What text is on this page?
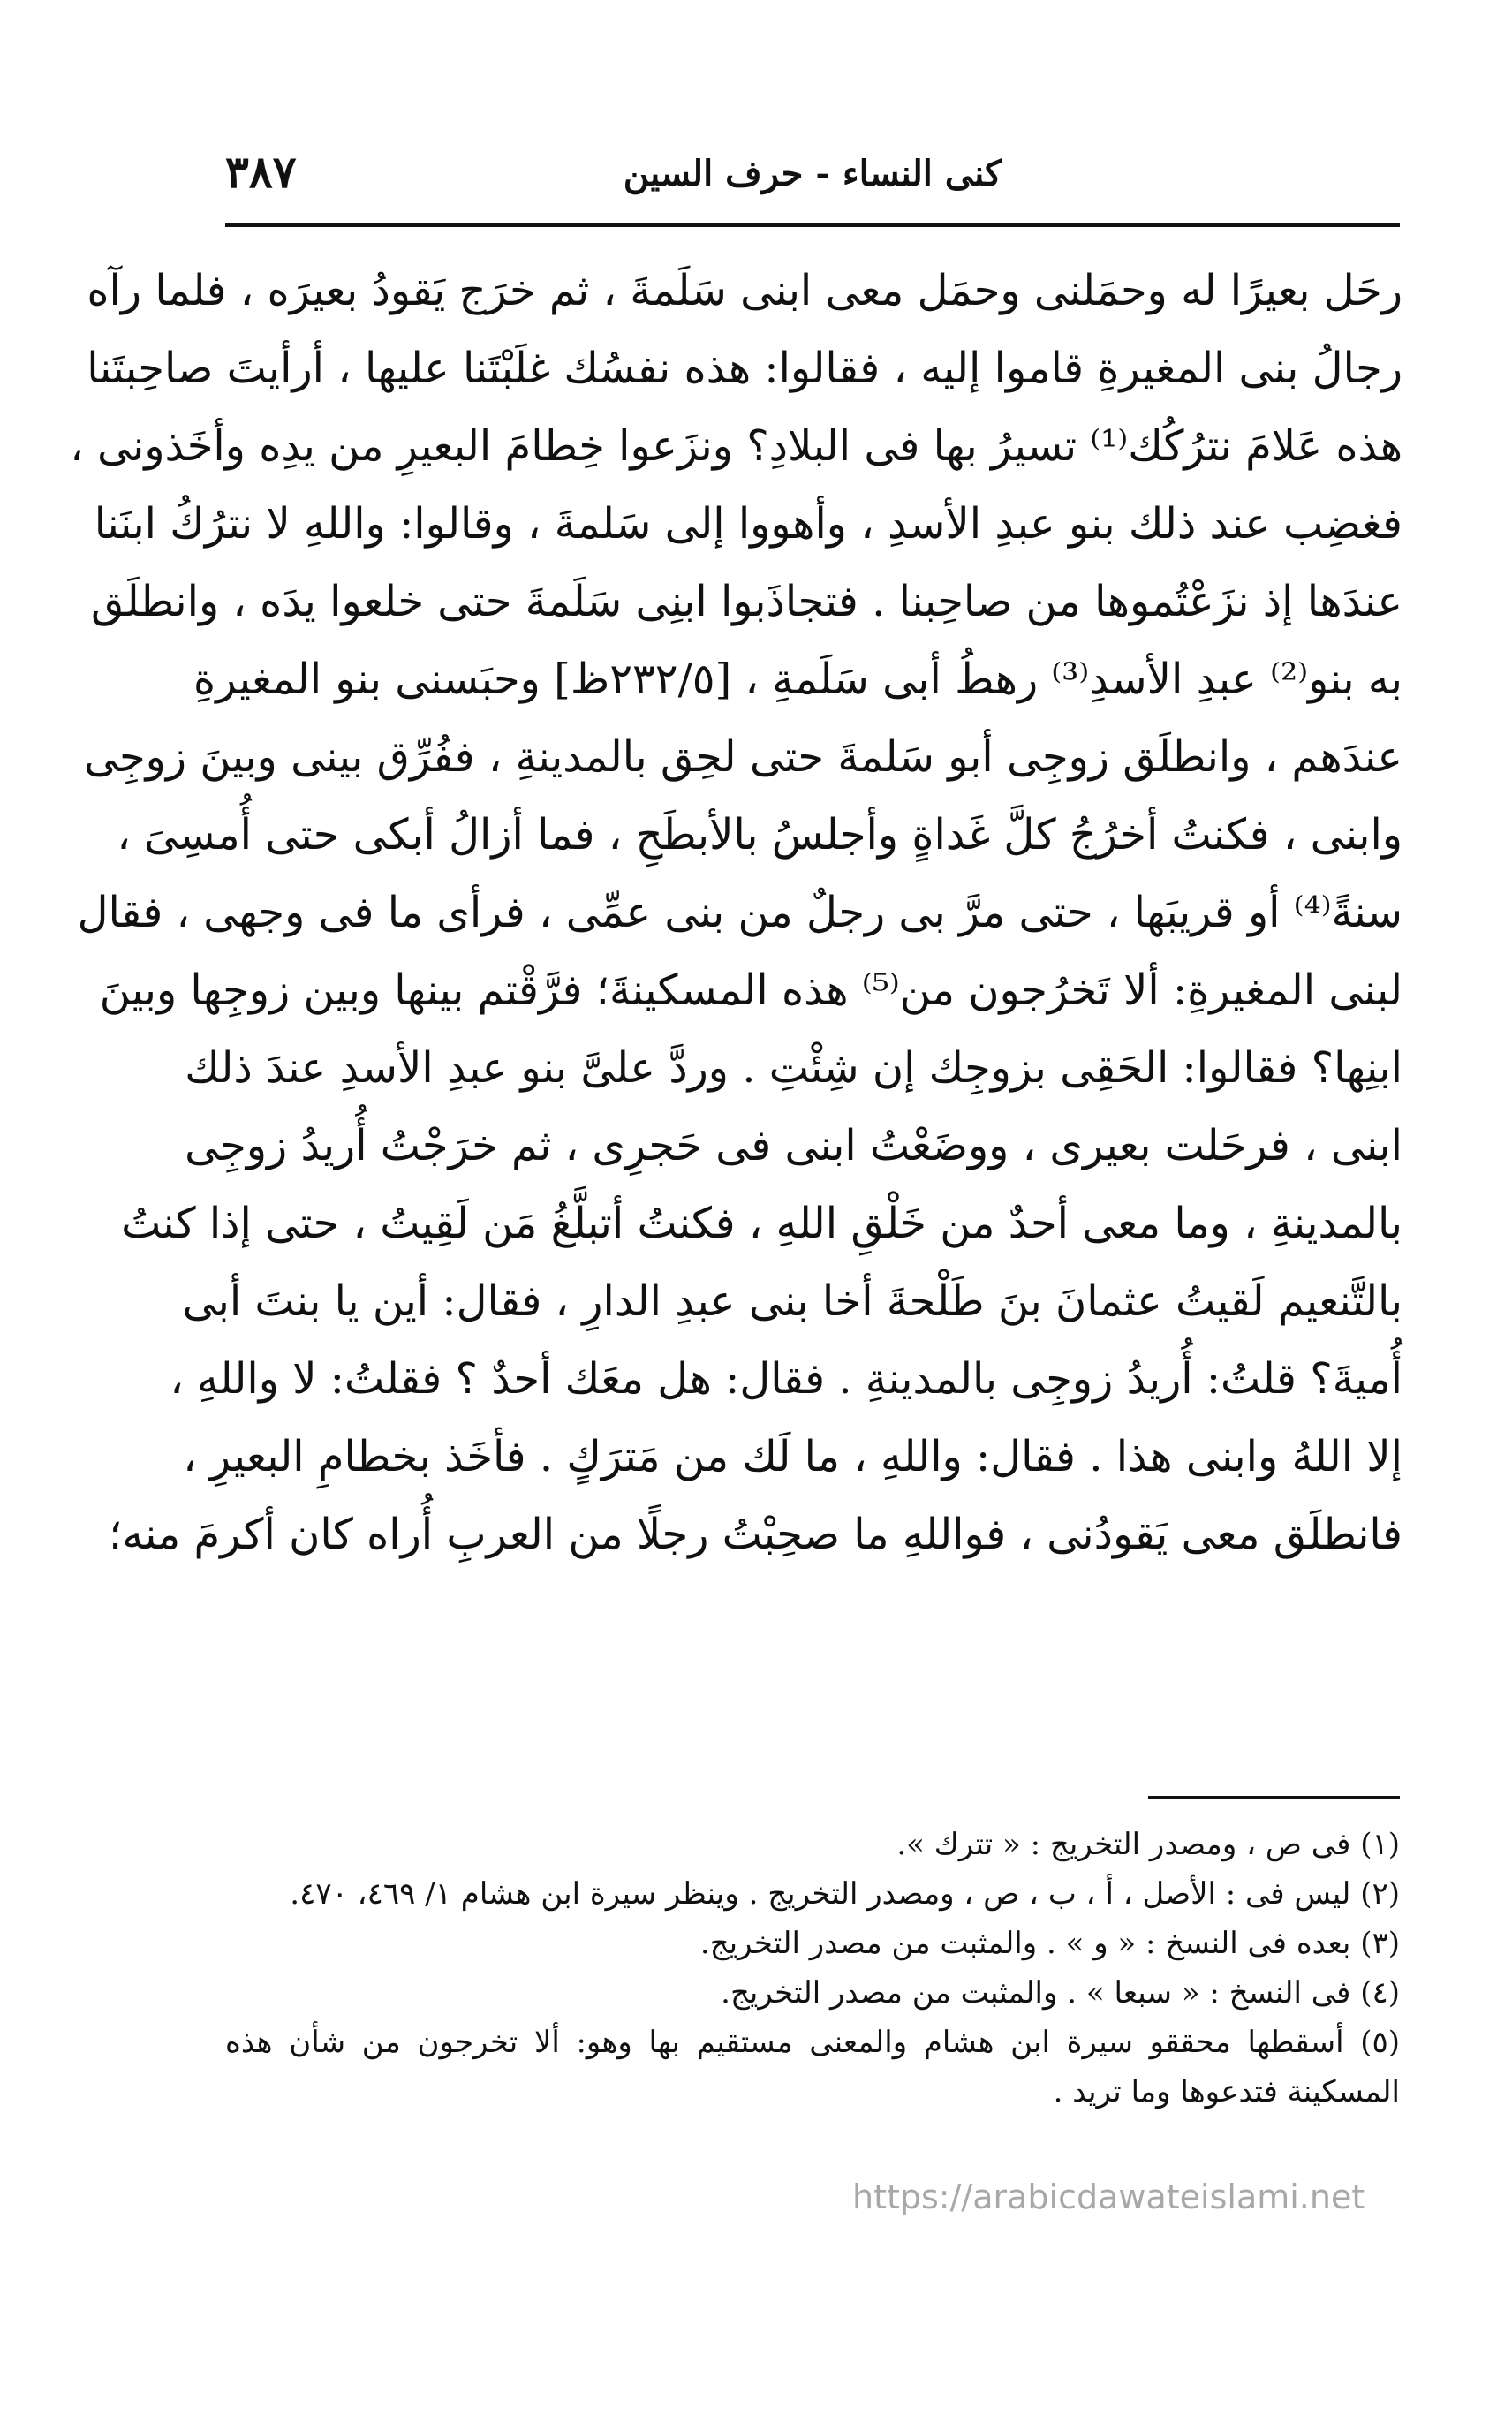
كنى النساء - حرف السين
٣٨٧
رحَل بعيرًا له وحمَلنى وحمَل معى ابنى سَلَمةَ ، ثم خرَج يَقودُ بعيرَه ، فلما رآه
رجالُ بنى المغيرةِ قاموا إليه ، فقالوا: هذه نفسُك غلَبْتَنا عليها ، أرأيتَ صاحِبتَنا
هذه عَلامَ نترُكُك⁽¹⁾ تسيرُ بها فى البلادِ؟ ونزَعوا خِطامَ البعيرِ من يدِه وأخَذونى ،
فغضِب عند ذلك بنو عبدِ الأسدِ ، وأهووا إلى سَلمةَ ، وقالوا: واللهِ لا نترُكُ ابنَنا
عندَها إذ نزَعْتُموها من صاحِبنا . فتجاذَبوا ابنِى سَلَمةَ حتى خلعوا يدَه ، وانطلَق
به بنو⁽²⁾ عبدِ الأسدِ⁽³⁾ رهطُ أبى سَلَمةِ ، [٢٣٢/٥ظ] وحبَسنى بنو المغيرةِ
عندَهم ، وانطلَق زوجِى أبو سَلمةَ حتى لحِق بالمدينةِ ، ففُرِّق بينى وبينَ زوجِى
وابنى ، فكنتُ أخرُجُ كلَّ غَداةٍ وأجلسُ بالأبطَحِ ، فما أزالُ أبكى حتى أُمسِىَ ،
سنةً⁽⁴⁾ أو قريبَها ، حتى مرَّ بى رجلٌ من بنى عمِّى ، فرأى ما فى وجهى ، فقال
لبنى المغيرةِ: ألا تَخرُجون من⁽⁵⁾ هذه المسكينةَ؛ فرَّقْتم بينها وبين زوجِها وبينَ
ابنِها؟ فقالوا: الحَقِى بزوجِك إن شِئْتِ . وردَّ علىَّ بنو عبدِ الأسدِ عندَ ذلك
ابنى ، فرحَلت بعيرى ، ووضَعْتُ ابنى فى حَجرِى ، ثم خرَجْتُ أُريدُ زوجِى
بالمدينةِ ، وما معى أحدٌ من خَلْقِ اللهِ ، فكنتُ أتبلَّغُ مَن لَقِيتُ ، حتى إذا كنتُ
بالتَّنعيم لَقيتُ عثمانَ بنَ طَلْحةَ أخا بنى عبدِ الدارِ ، فقال: أين يا بنتَ أبى
أُميةَ؟ قلتُ: أُريدُ زوجِى بالمدينةِ . فقال: هل معَك أحدٌ ؟ فقلتُ: لا واللهِ ،
إلا اللهُ وابنى هذا . فقال: واللهِ ، ما لَك من مَترَكٍ . فأخَذ بخطامِ البعيرِ ،
فانطلَق معى يَقودُنى ، فواللهِ ما صحِبْتُ رجلًا من العربِ أُراه كان أكرمَ منه؛
(١) فى ص ، ومصدر التخريج : « تترك ».
(٢) ليس فى : الأصل ، أ ، ب ، ص ، ومصدر التخريج . وينظر سيرة ابن هشام ١/ ٤٦٩، ٤٧٠.
(٣) بعده فى النسخ : « و » . والمثبت من مصدر التخريج.
(٤) فى النسخ : « سبعا » . والمثبت من مصدر التخريج.
(٥) أسقطها محققو سيرة ابن هشام والمعنى مستقيم بها وهو: ألا تخرجون من شأن هذه
المسكينة فتدعوها وما تريد .
https://arabicdawateislami.net
